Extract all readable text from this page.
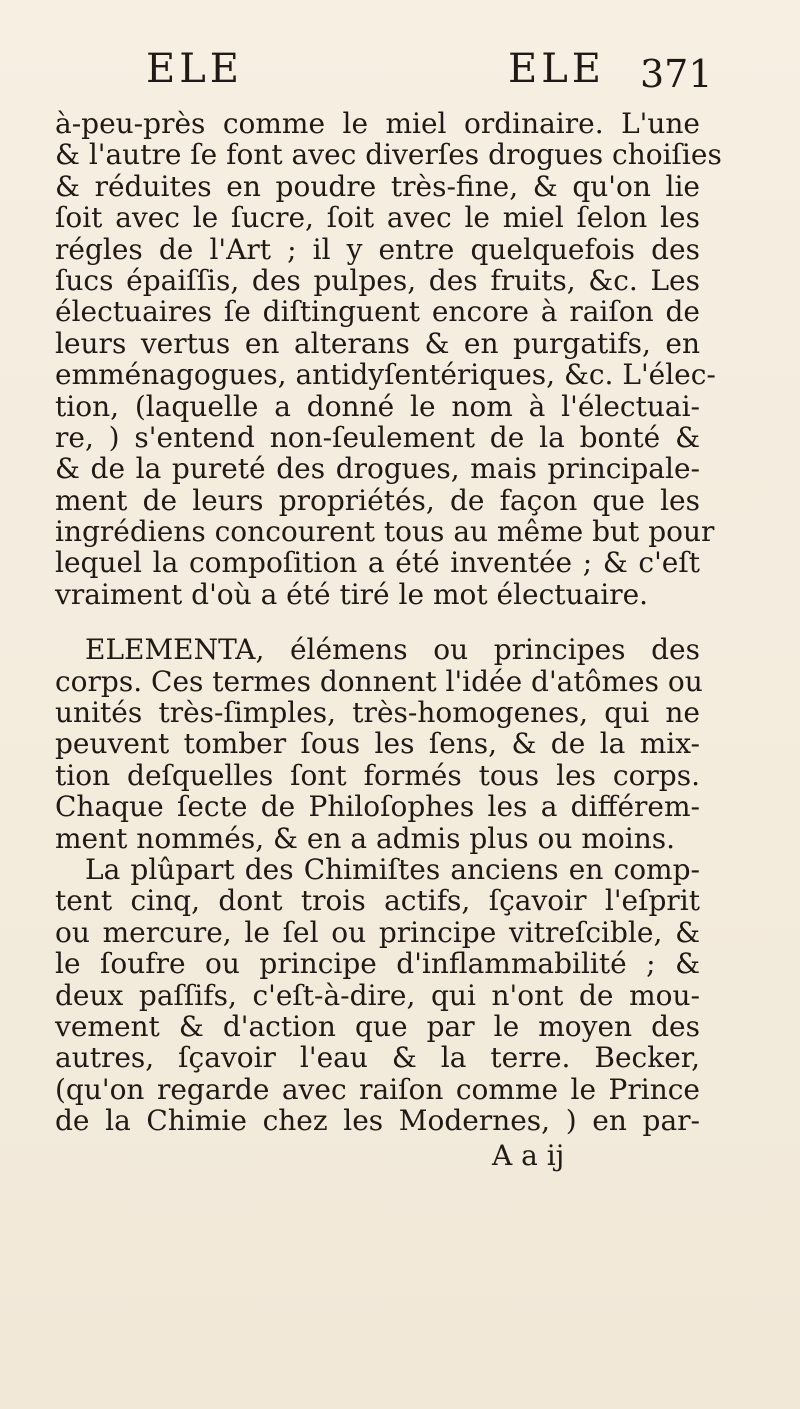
ELE	ELE 371
à-peu-près comme le miel ordinaire. L'une
& l'autre ſe font avec diverſes drogues choiſies
& réduites en poudre très-fine, & qu'on lie
ſoit avec le ſucre, ſoit avec le miel ſelon les
régles de l'Art ; il y entre quelquefois des
ſucs épaiſſis, des pulpes, des fruits, &c. Les
électuaires ſe diſtinguent encore à raiſon de
leurs vertus en alterans & en purgatifs, en
emménagogues, antidyſentériques, &c. L'élec-
tion, (laquelle a donné le nom à l'électuai-
re, ) s'entend non-ſeulement de la bonté &
& de la pureté des drogues, mais principale-
ment de leurs propriétés, de façon que les
ingrédiens concourent tous au même but pour
lequel la compoſition a été inventée ; & c'eſt
vraiment d'où a été tiré le mot électuaire.
ELEMENTA, élémens ou principes des
corps. Ces termes donnent l'idée d'atômes ou
unités très-ſimples, très-homogenes, qui ne
peuvent tomber ſous les ſens, & de la mix-
tion deſquelles ſont formés tous les corps.
Chaque ſecte de Philoſophes les a différem-
ment nommés, & en a admis plus ou moins.
La plûpart des Chimiſtes anciens en comp-
tent cinq, dont trois actifs, ſçavoir l'eſprit
ou mercure, le ſel ou principe vitreſcible, &
le ſoufre ou principe d'inflammabilité ; &
deux paſſifs, c'eſt-à-dire, qui n'ont de mou-
vement & d'action que par le moyen des
autres, ſçavoir l'eau & la terre. Becker,
(qu'on regarde avec raiſon comme le Prince
de la Chimie chez les Modernes, ) en par-
A a ij
